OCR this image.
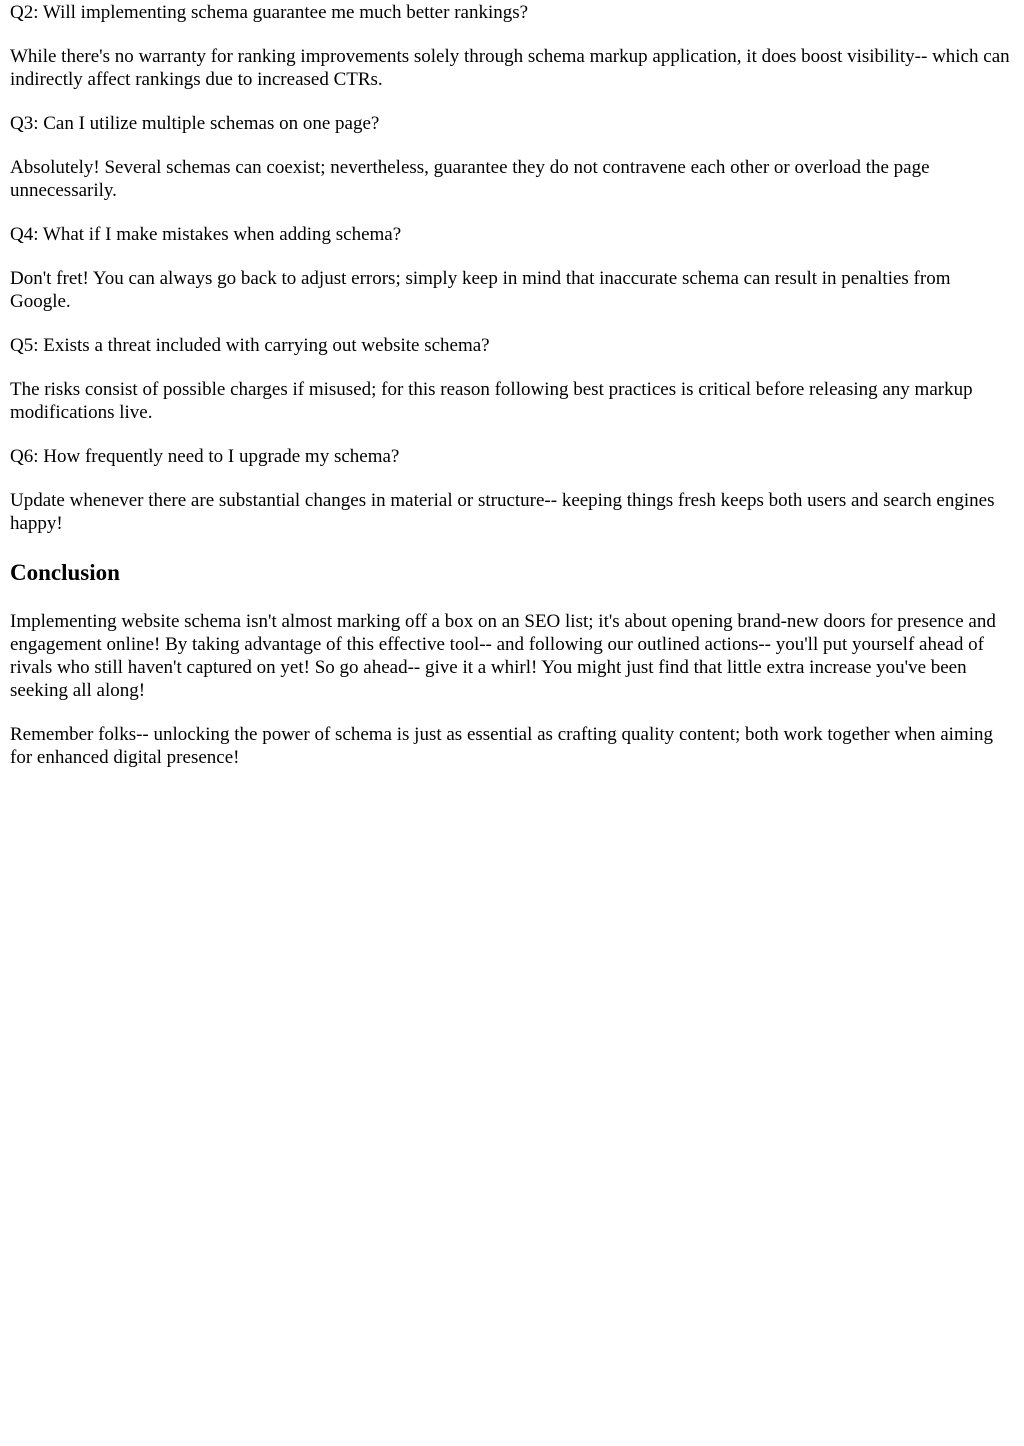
Q2: Will implementing schema guarantee me much better rankings?

While there's no warranty for ranking improvements solely through schema markup application, it does boost visibility-- which can indirectly affect rankings due to increased CTRs.

Q3: Can I utilize multiple schemas on one page?

Absolutely! Several schemas can coexist; nevertheless, guarantee they do not contravene each other or overload the page unnecessarily.

Q4: What if I make mistakes when adding schema?

Don't fret! You can always go back to adjust errors; simply keep in mind that inaccurate schema can result in penalties from Google.

Q5: Exists a threat included with carrying out website schema?

The risks consist of possible charges if misused; for this reason following best practices is critical before releasing any markup modifications live.

Q6: How frequently need to I upgrade my schema?

Update whenever there are substantial changes in material or structure-- keeping things fresh keeps both users and search engines happy!

Conclusion

Implementing website schema isn't almost marking off a box on an SEO list; it's about opening brand-new doors for presence and engagement online! By taking advantage of this effective tool-- and following our outlined actions-- you'll put yourself ahead of rivals who still haven't captured on yet! So go ahead-- give it a whirl! You might just find that little extra increase you've been seeking all along!

Remember folks-- unlocking the power of schema is just as essential as crafting quality content; both work together when aiming for enhanced digital presence!
